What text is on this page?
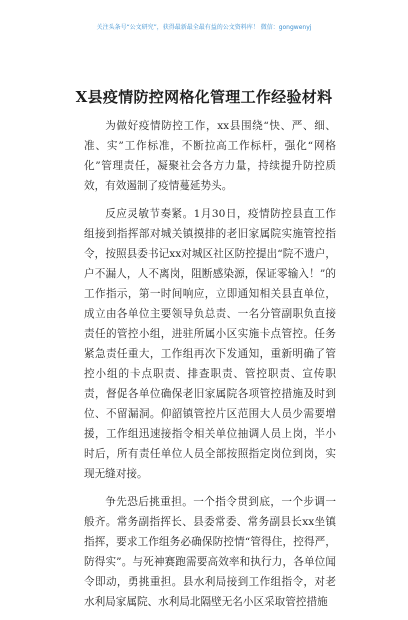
关注头条号“公文研究”，获得最新最全最有益的公文资料库！ 微信：gongwenyj
X县疫情防控网格化管理工作经验材料

为做好疫情防控工作，xx县围绕“快、严、细、准、实”工作标准，不断拉高工作标杆，强化“网格化”管理责任，凝聚社会各方力量，持续提升防控质效，有效遏制了疫情蔓延势头。

反应灵敏节奏紧。1月30日，疫情防控县直工作组接到指挥部对城关镇摸排的老旧家属院实施管控指令，按照县委书记xx对城区社区防控提出“院不遗户，户不漏人，人不离岗，阻断感染源，保证零输入！”的工作指示，第一时间响应，立即通知相关县直单位，成立由各单位主要领导负总责、一名分管副职负直接责任的管控小组，进驻所属小区实施卡点管控。任务紧急责任重大，工作组再次下发通知，重新明确了管控小组的卡点职责、排查职责、管控职责、宣传职责，督促各单位确保老旧家属院各项管控措施及时到位、不留漏洞。仰韶镇管控片区范围大人员少需要增援，工作组迅速接指令相关单位抽调人员上岗，半小时后，所有责任单位人员全部按照指定岗位到岗，实现无缝对接。

争先恐后挑重担。一个指令贯到底，一个步调一般齐。常务副指挥长、县委常委、常务副县长xx坐镇指挥，要求工作组务必确保防控情“管得住，控得严，防得实”。与死神赛跑需要高效率和执行力，各单位闻令即动，勇挑重担。县水利局接到工作组指令，对老水利局家属院、水利局北隔壁无名小区采取管控措施
